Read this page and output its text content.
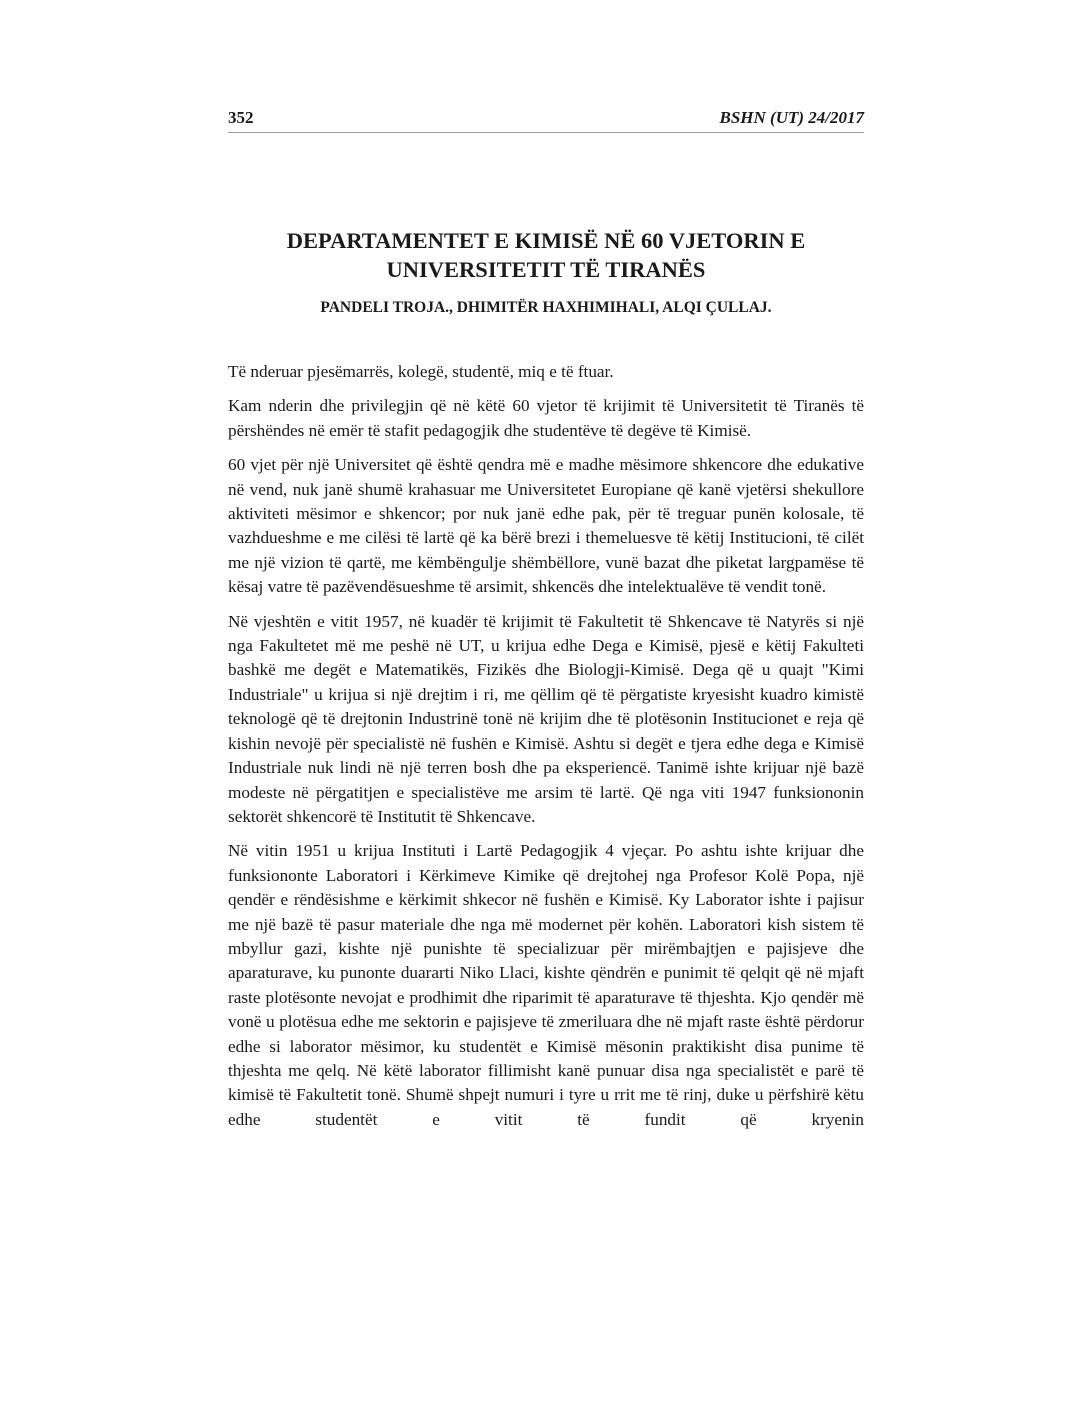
352	BSHN (UT) 24/2017
DEPARTAMENTET E KIMISË NË 60 VJETORIN E
UNIVERSITETIT TË TIRANËS
PANDELI TROJA., DHIMITËR HAXHIMIHALI, ALQI ÇULLAJ.

Të nderuar pjesëmarrës, kolegë, studentë, miq e të ftuar.

Kam nderin dhe privilegjin që në këtë 60 vjetor të krijimit të Universitetit të Tiranës të përshëndes në emër të stafit pedagogjik dhe studentëve të degëve të Kimisë.

60 vjet për një Universitet që është qendra më e madhe mësimore shkencore dhe edukative në vend, nuk janë shumë krahasuar me Universitetet Europiane që kanë vjetërsi shekullore aktiviteti mësimor e shkencor; por nuk janë edhe pak, për të treguar punën kolosale, të vazhdueshme e me cilësi të lartë që ka bërë brezi i themeluesve të këtij Institucioni, të cilët me një vizion të qartë, me këmbëngulje shëmbëllore, vunë bazat dhe piketat largpamëse të kësaj vatre të pazëvendësueshme të arsimit, shkencës dhe intelektualëve të vendit tonë.

Në vjeshtën e vitit 1957, në kuadër të krijimit të Fakultetit të Shkencave të Natyrës si një nga Fakultetet më me peshë në UT, u krijua edhe Dega e Kimisë, pjesë e këtij Fakulteti bashkë me degët e Matematikës, Fizikës dhe Biologji-Kimisë. Dega që u quajt "Kimi Industriale" u krijua si një drejtim i ri, me qëllim që të përgatiste kryesisht kuadro kimistë teknologë që të drejtonin Industrinë tonë në krijim dhe të plotësonin Institucionet e reja që kishin nevojë për specialistë në fushën e Kimisë. Ashtu si degët e tjera edhe dega e Kimisë Industriale nuk lindi në një terren bosh dhe pa eksperiencë. Tanimë ishte krijuar një bazë modeste në përgatitjen e specialistëve me arsim të lartë. Që nga viti 1947 funksiononin sektorët shkencorë të Institutit të Shkencave.

Në vitin 1951 u krijua Instituti i Lartë Pedagogjik 4 vjeçar. Po ashtu ishte krijuar dhe funksiononte Laboratori i Kërkimeve Kimike që drejtohej nga Profesor Kolë Popa, një qendër e rëndësishme e kërkimit shkecor në fushën e Kimisë. Ky Laborator ishte i pajisur me një bazë të pasur materiale dhe nga më modernet për kohën. Laboratori kish sistem të mbyllur gazi, kishte një punishte të specializuar për mirëmbajtjen e pajisjeve dhe aparaturave, ku punonte duararti Niko Llaci, kishte qëndrën e punimit të qelqit që në mjaft raste plotësonte nevojat e prodhimit dhe riparimit të aparaturave të thjeshta. Kjo qendër më vonë u plotësua edhe me sektorin e pajisjeve të zmeriluara dhe në mjaft raste është përdorur edhe si laborator mësimor, ku studentët e Kimisë mësonin praktikisht disa punime të thjeshta me qelq. Në këtë laborator fillimisht kanë punuar disa nga specialistët e parë të kimisë të Fakultetit tonë. Shumë shpejt numuri i tyre u rrit me të rinj, duke u përfshirë këtu edhe studentët e vitit të fundit që kryenin
